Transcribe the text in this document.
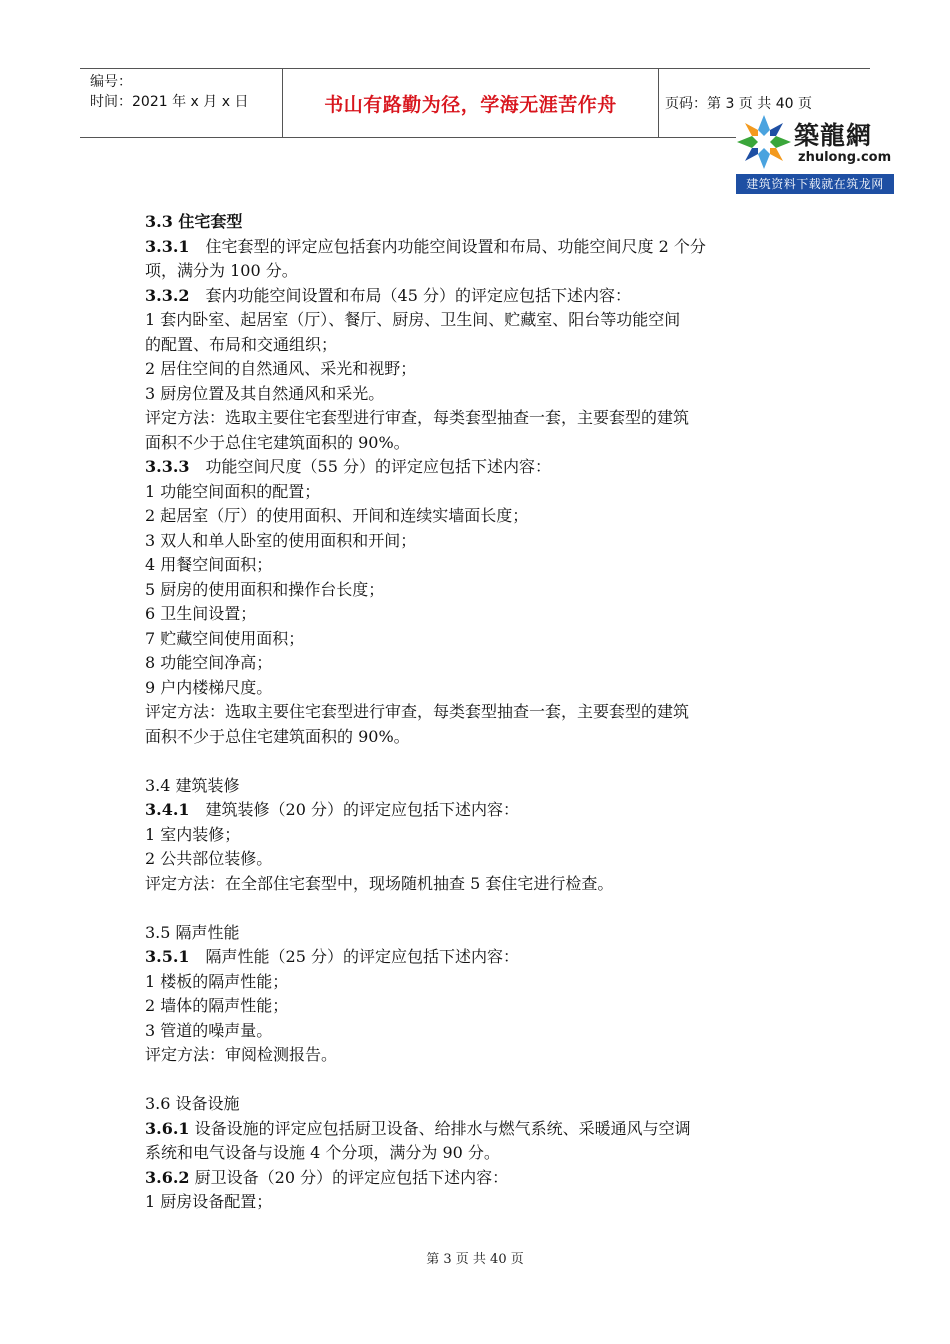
编号：
时间：2021 年 x 月 x 日	书山有路勤为径，学海无涯苦作舟	页码：第 3 页 共 40 页
築龍網
zhulong.com
建筑资料下载就在筑龙网
3.3 住宅套型
3.3.1　住宅套型的评定应包括套内功能空间设置和布局、功能空间尺度 2 个分
项，满分为 100 分。
3.3.2　套内功能空间设置和布局（45 分）的评定应包括下述内容：
1 套内卧室、起居室（厅）、餐厅、厨房、卫生间、贮藏室、阳台等功能空间
的配置、布局和交通组织；
2 居住空间的自然通风、采光和视野；
3 厨房位置及其自然通风和采光。
评定方法：选取主要住宅套型进行审查，每类套型抽查一套，主要套型的建筑
面积不少于总住宅建筑面积的 90%。
3.3.3　功能空间尺度（55 分）的评定应包括下述内容：
1 功能空间面积的配置；
2 起居室（厅）的使用面积、开间和连续实墙面长度；
3 双人和单人卧室的使用面积和开间；
4 用餐空间面积；
5 厨房的使用面积和操作台长度；
6 卫生间设置；
7 贮藏空间使用面积；
8 功能空间净高；
9 户内楼梯尺度。
评定方法：选取主要住宅套型进行审查，每类套型抽查一套，主要套型的建筑
面积不少于总住宅建筑面积的 90%。
3.4 建筑装修
3.4.1　建筑装修（20 分）的评定应包括下述内容：
1 室内装修；
2 公共部位装修。
评定方法：在全部住宅套型中，现场随机抽查 5 套住宅进行检查。
3.5 隔声性能
3.5.1　隔声性能（25 分）的评定应包括下述内容：
1 楼板的隔声性能；
2 墙体的隔声性能；
3 管道的噪声量。
评定方法：审阅检测报告。
3.6 设备设施
3.6.1 设备设施的评定应包括厨卫设备、给排水与燃气系统、采暖通风与空调
系统和电气设备与设施 4 个分项，满分为 90 分。
3.6.2 厨卫设备（20 分）的评定应包括下述内容：
1 厨房设备配置；
第 3 页 共 40 页
